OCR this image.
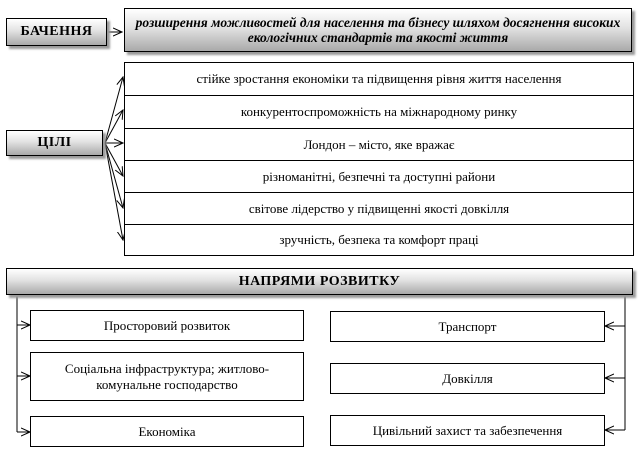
БАЧЕННЯ
розширення можливостей для населення та бізнесу шляхом досягнення високих екологічних стандартів та якості життя
ЦІЛІ
стійке зростання економіки та підвищення рівня життя населення
конкурентоспроможність на міжнародному ринку
Лондон – місто, яке вражає
різноманітні, безпечні та доступні райони
світове лідерство у підвищенні якості довкілля
зручність, безпека та комфорт праці
НАПРЯМИ РОЗВИТКУ
Просторовий розвиток
Соціальна інфраструктура; житлово-комунальне господарство
Економіка
Транспорт
Довкілля
Цивільний захист та забезпечення
